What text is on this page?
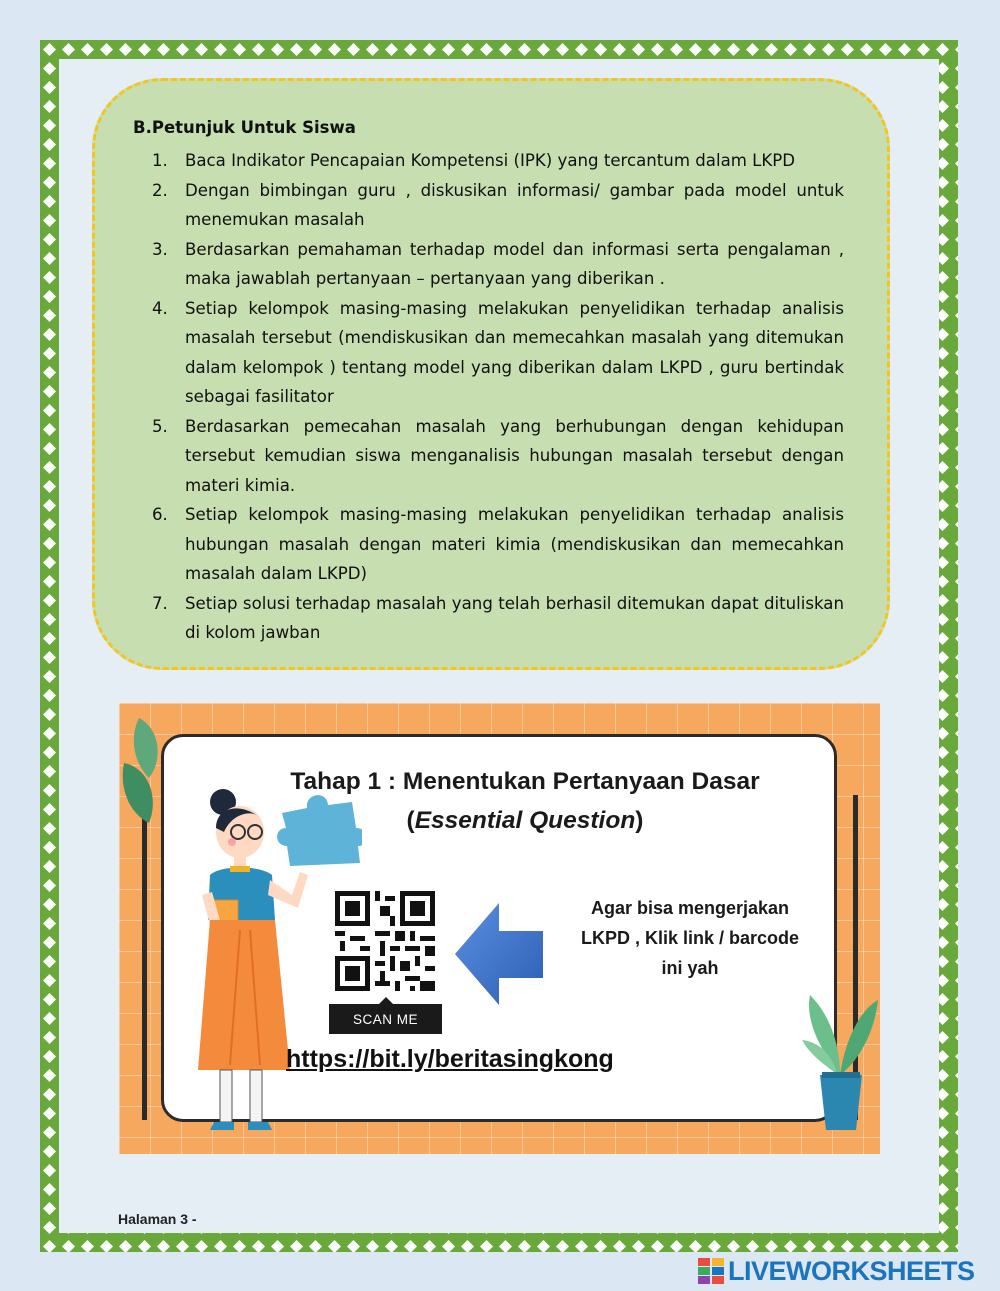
B.Petunjuk Untuk Siswa
1. Baca Indikator Pencapaian Kompetensi (IPK) yang tercantum dalam LKPD
2. Dengan bimbingan guru , diskusikan informasi/ gambar pada model untuk menemukan masalah
3. Berdasarkan pemahaman terhadap model dan informasi serta pengalaman , maka jawablah pertanyaan – pertanyaan yang diberikan .
4. Setiap kelompok masing-masing melakukan penyelidikan terhadap analisis masalah tersebut (mendiskusikan dan memecahkan masalah yang ditemukan dalam kelompok ) tentang model yang diberikan dalam LKPD , guru bertindak sebagai fasilitator
5. Berdasarkan pemecahan masalah yang berhubungan dengan kehidupan tersebut kemudian siswa menganalisis hubungan masalah tersebut dengan materi kimia.
6. Setiap kelompok masing-masing melakukan penyelidikan terhadap analisis hubungan masalah dengan materi kimia (mendiskusikan dan memecahkan masalah dalam LKPD)
7. Setiap solusi terhadap masalah yang telah berhasil ditemukan dapat dituliskan di kolom jawban
Tahap 1 : Menentukan Pertanyaan Dasar
(Essential Question)
SCAN ME
Agar bisa mengerjakan LKPD , Klik link / barcode ini yah
https://bit.ly/beritasingkong
Halaman 3 -
LIVEWORKSHEETS
